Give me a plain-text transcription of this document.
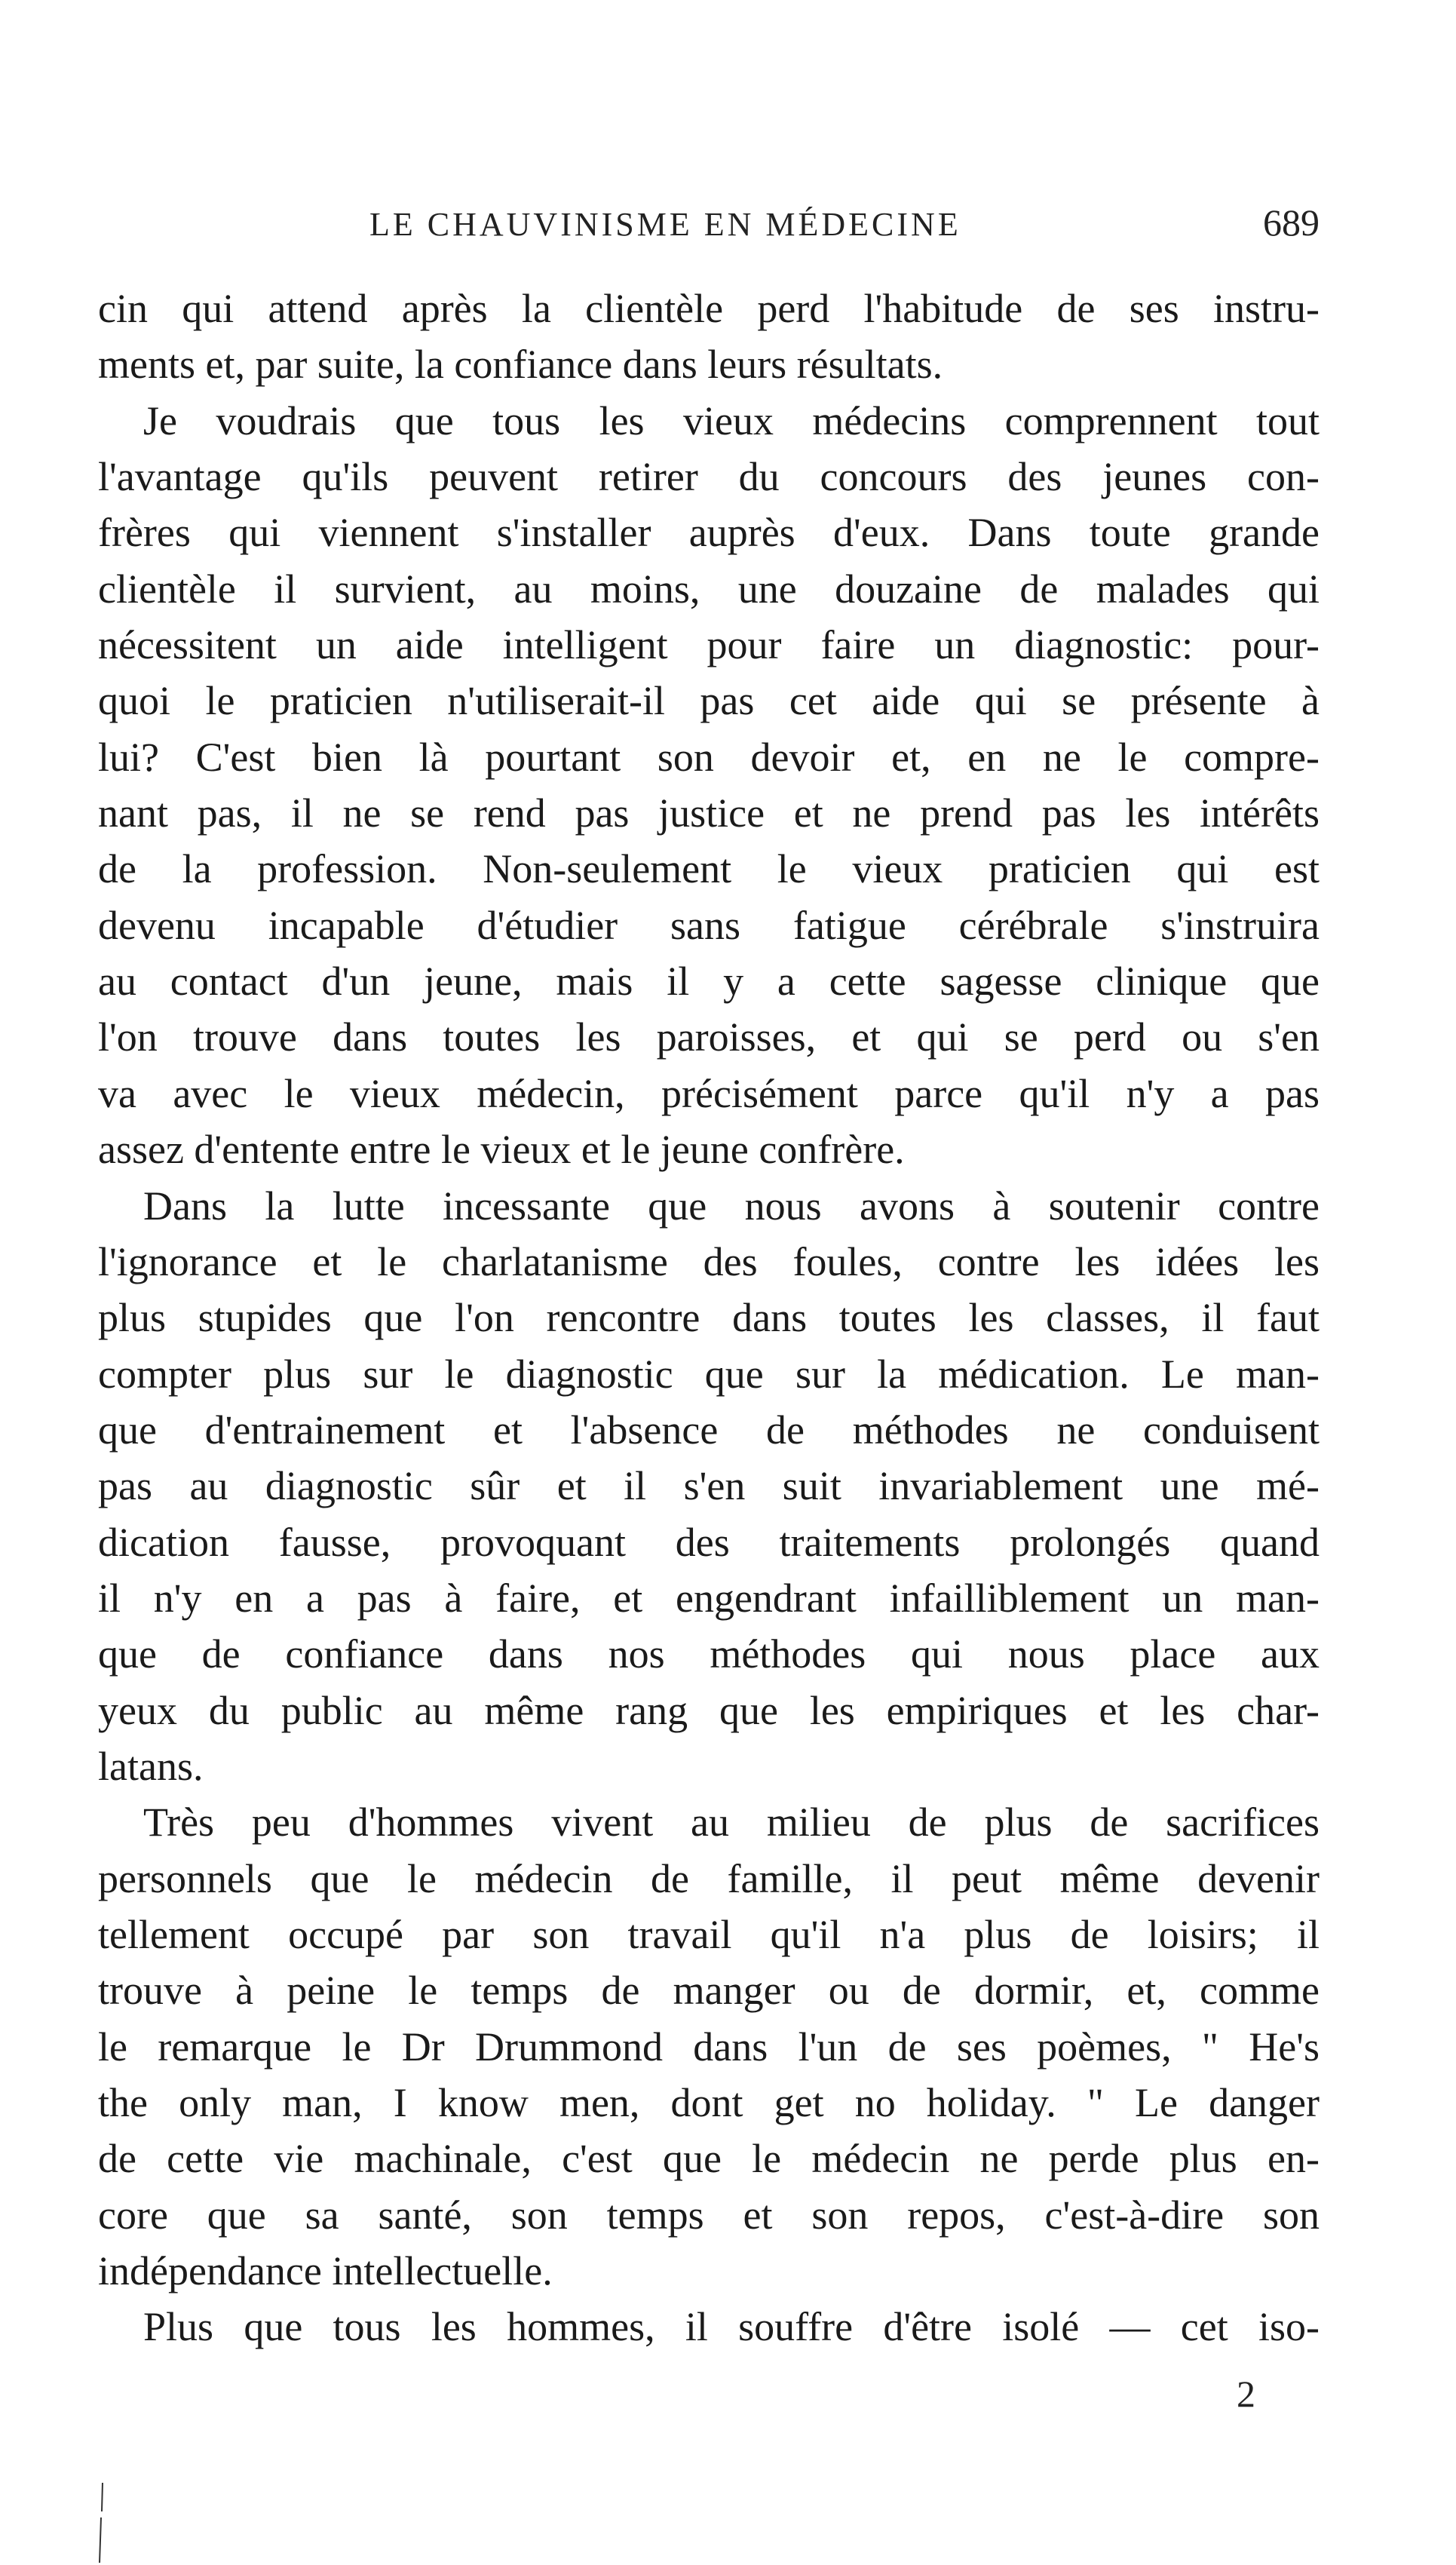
LE CHAUVINISME EN MÉDECINE	689
cin qui attend après la clientèle perd l'habitude de ses instru-
ments et, par suite, la confiance dans leurs résultats.
Je voudrais que tous les vieux médecins comprennent tout
l'avantage qu'ils peuvent retirer du concours des jeunes con-
frères qui viennent s'installer auprès d'eux. Dans toute grande
clientèle il survient, au moins, une douzaine de malades qui
nécessitent un aide intelligent pour faire un diagnostic: pour-
quoi le praticien n'utiliserait-il pas cet aide qui se présente à
lui? C'est bien là pourtant son devoir et, en ne le compre-
nant pas, il ne se rend pas justice et ne prend pas les intérêts
de la profession. Non-seulement le vieux praticien qui est
devenu incapable d'étudier sans fatigue cérébrale s'instruira
au contact d'un jeune, mais il y a cette sagesse clinique que
l'on trouve dans toutes les paroisses, et qui se perd ou s'en
va avec le vieux médecin, précisément parce qu'il n'y a pas
assez d'entente entre le vieux et le jeune confrère.
Dans la lutte incessante que nous avons à soutenir contre
l'ignorance et le charlatanisme des foules, contre les idées les
plus stupides que l'on rencontre dans toutes les classes, il faut
compter plus sur le diagnostic que sur la médication. Le man-
que d'entrainement et l'absence de méthodes ne conduisent
pas au diagnostic sûr et il s'en suit invariablement une mé-
dication fausse, provoquant des traitements prolongés quand
il n'y en a pas à faire, et engendrant infailliblement un man-
que de confiance dans nos méthodes qui nous place aux
yeux du public au même rang que les empiriques et les char-
latans.
Très peu d'hommes vivent au milieu de plus de sacrifices
personnels que le médecin de famille, il peut même devenir
tellement occupé par son travail qu'il n'a plus de loisirs; il
trouve à peine le temps de manger ou de dormir, et, comme
le remarque le Dr Drummond dans l'un de ses poèmes, " He's
the only man, I know men, dont get no holiday. " Le danger
de cette vie machinale, c'est que le médecin ne perde plus en-
core que sa santé, son temps et son repos, c'est-à-dire son
indépendance intellectuelle.
Plus que tous les hommes, il souffre d'être isolé — cet iso-
2
